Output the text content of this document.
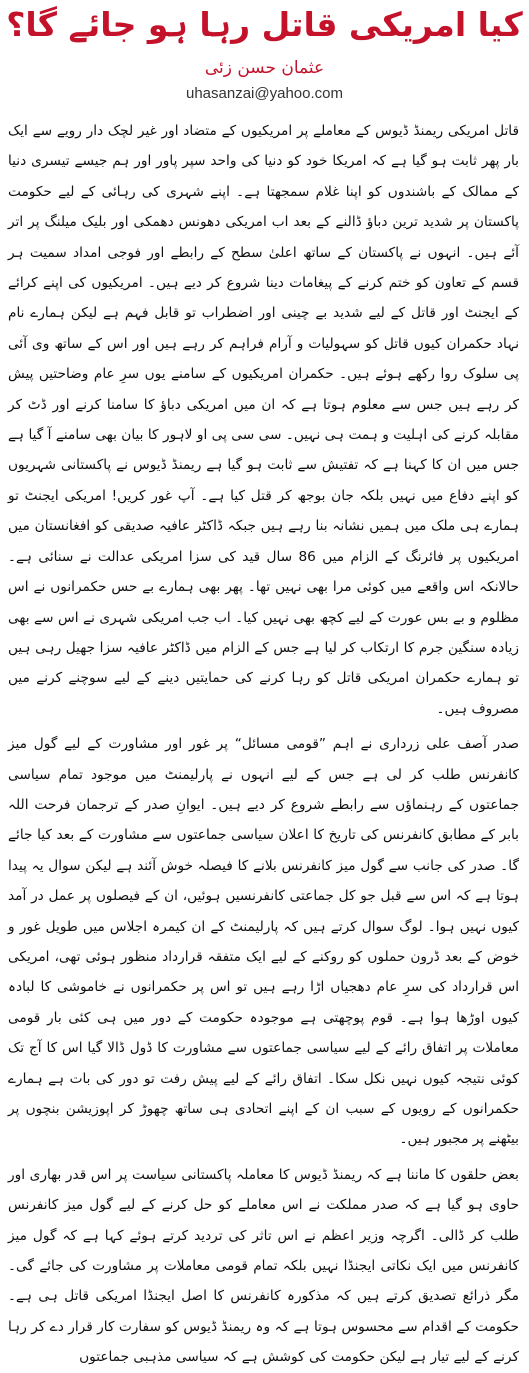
کیا امریکی قاتل رہا ہو جائے گا؟
عثمان حسن زئی
uhasanzai@yahoo.com

قاتل امریکی ریمنڈ ڈیوس کے معاملے پر امریکیوں کے متضاد اور غیر لچک دار رویے سے ایک بار پھر ثابت ہو گیا ہے کہ امریکا خود کو دنیا کی واحد سپر پاور اور ہم جیسے تیسری دنیا کے ممالک کے باشندوں کو اپنا غلام سمجھتا ہے۔ اپنے شہری کی رہائی کے لیے حکومت پاکستان پر شدید ترین دباؤ ڈالنے کے بعد اب امریکی دھونس دھمکی اور بلیک میلنگ پر اتر آئے ہیں۔ انہوں نے پاکستان کے ساتھ اعلیٰ سطح کے رابطے اور فوجی امداد سمیت ہر قسم کے تعاون کو ختم کرنے کے پیغامات دینا شروع کر دیے ہیں۔ امریکیوں کی اپنے کرائے کے ایجنٹ اور قاتل کے لیے شدید بے چینی اور اضطراب تو قابل فہم ہے لیکن ہمارے نام نہاد حکمران کیوں قاتل کو سہولیات و آرام فراہم کر رہے ہیں اور اس کے ساتھ وی آئی پی سلوک روا رکھے ہوئے ہیں۔ حکمران امریکیوں کے سامنے یوں سرِ عام وضاحتیں پیش کر رہے ہیں جس سے معلوم ہوتا ہے کہ ان میں امریکی دباؤ کا سامنا کرنے اور ڈٹ کر مقابلہ کرنے کی اہلیت و ہمت ہی نہیں۔ سی سی پی او لاہور کا بیان بھی سامنے آ گیا ہے جس میں ان کا کہنا ہے کہ تفتیش سے ثابت ہو گیا ہے ریمنڈ ڈیوس نے پاکستانی شہریوں کو اپنے دفاع میں نہیں بلکہ جان بوجھ کر قتل کیا ہے۔ آپ غور کریں! امریکی ایجنٹ تو ہمارے ہی ملک میں ہمیں نشانہ بنا رہے ہیں جبکہ ڈاکٹر عافیہ صدیقی کو افغانستان میں امریکیوں پر فائرنگ کے الزام میں 86 سال قید کی سزا امریکی عدالت نے سنائی ہے۔ حالانکہ اس واقعے میں کوئی مرا بھی نہیں تھا۔ پھر بھی ہمارے بے حس حکمرانوں نے اس مظلوم و بے بس عورت کے لیے کچھ بھی نہیں کیا۔ اب جب امریکی شہری نے اس سے بھی زیادہ سنگین جرم کا ارتکاب کر لیا ہے جس کے الزام میں ڈاکٹر عافیہ سزا جھیل رہی ہیں تو ہمارے حکمران امریکی قاتل کو رہا کرنے کی حمایتیں دینے کے لیے سوچنے کرنے میں مصروف ہیں۔

صدر آصف علی زرداری نے اہم ”قومی مسائل“ پر غور اور مشاورت کے لیے گول میز کانفرنس طلب کر لی ہے جس کے لیے انہوں نے پارلیمنٹ میں موجود تمام سیاسی جماعتوں کے رہنماؤں سے رابطے شروع کر دیے ہیں۔ ایوانِ صدر کے ترجمان فرحت اللہ بابر کے مطابق کانفرنس کی تاریخ کا اعلان سیاسی جماعتوں سے مشاورت کے بعد کیا جائے گا۔ صدر کی جانب سے گول میز کانفرنس بلانے کا فیصلہ خوش آئند ہے لیکن سوال یہ پیدا ہوتا ہے کہ اس سے قبل جو کل جماعتی کانفرنسیں ہوئیں، ان کے فیصلوں پر عمل در آمد کیوں نہیں ہوا۔ لوگ سوال کرتے ہیں کہ پارلیمنٹ کے ان کیمرہ اجلاس میں طویل غور و خوض کے بعد ڈرون حملوں کو روکنے کے لیے ایک متفقہ قرارداد منظور ہوئی تھی، امریکی اس قرارداد کی سرِ عام دھجیاں اڑا رہے ہیں تو اس پر حکمرانوں نے خاموشی کا لبادہ کیوں اوڑھا ہوا ہے۔ قوم پوچھتی ہے موجودہ حکومت کے دور میں ہی کئی بار قومی معاملات پر اتفاق رائے کے لیے سیاسی جماعتوں سے مشاورت کا ڈول ڈالا گیا اس کا آج تک کوئی نتیجہ کیوں نہیں نکل سکا۔ اتفاق رائے کے لیے پیش رفت تو دور کی بات ہے ہمارے حکمرانوں کے رویوں کے سبب ان کے اپنے اتحادی ہی ساتھ چھوڑ کر اپوزیشن بنچوں پر بیٹھنے پر مجبور ہیں۔

بعض حلقوں کا ماننا ہے کہ ریمنڈ ڈیوس کا معاملہ پاکستانی سیاست پر اس قدر بھاری اور حاوی ہو گیا ہے کہ صدر مملکت نے اس معاملے کو حل کرنے کے لیے گول میز کانفرنس طلب کر ڈالی۔ اگرچہ وزیر اعظم نے اس تاثر کی تردید کرتے ہوئے کہا ہے کہ گول میز کانفرنس میں ایک نکاتی ایجنڈا نہیں بلکہ تمام قومی معاملات پر مشاورت کی جائے گی۔ مگر ذرائع تصدیق کرتے ہیں کہ مذکورہ کانفرنس کا اصل ایجنڈا امریکی قاتل ہی ہے۔ حکومت کے اقدام سے محسوس ہوتا ہے کہ وہ ریمنڈ ڈیوس کو سفارت کار قرار دے کر رہا کرنے کے لیے تیار ہے لیکن حکومت کی کوشش ہے کہ سیاسی مذہبی جماعتوں
